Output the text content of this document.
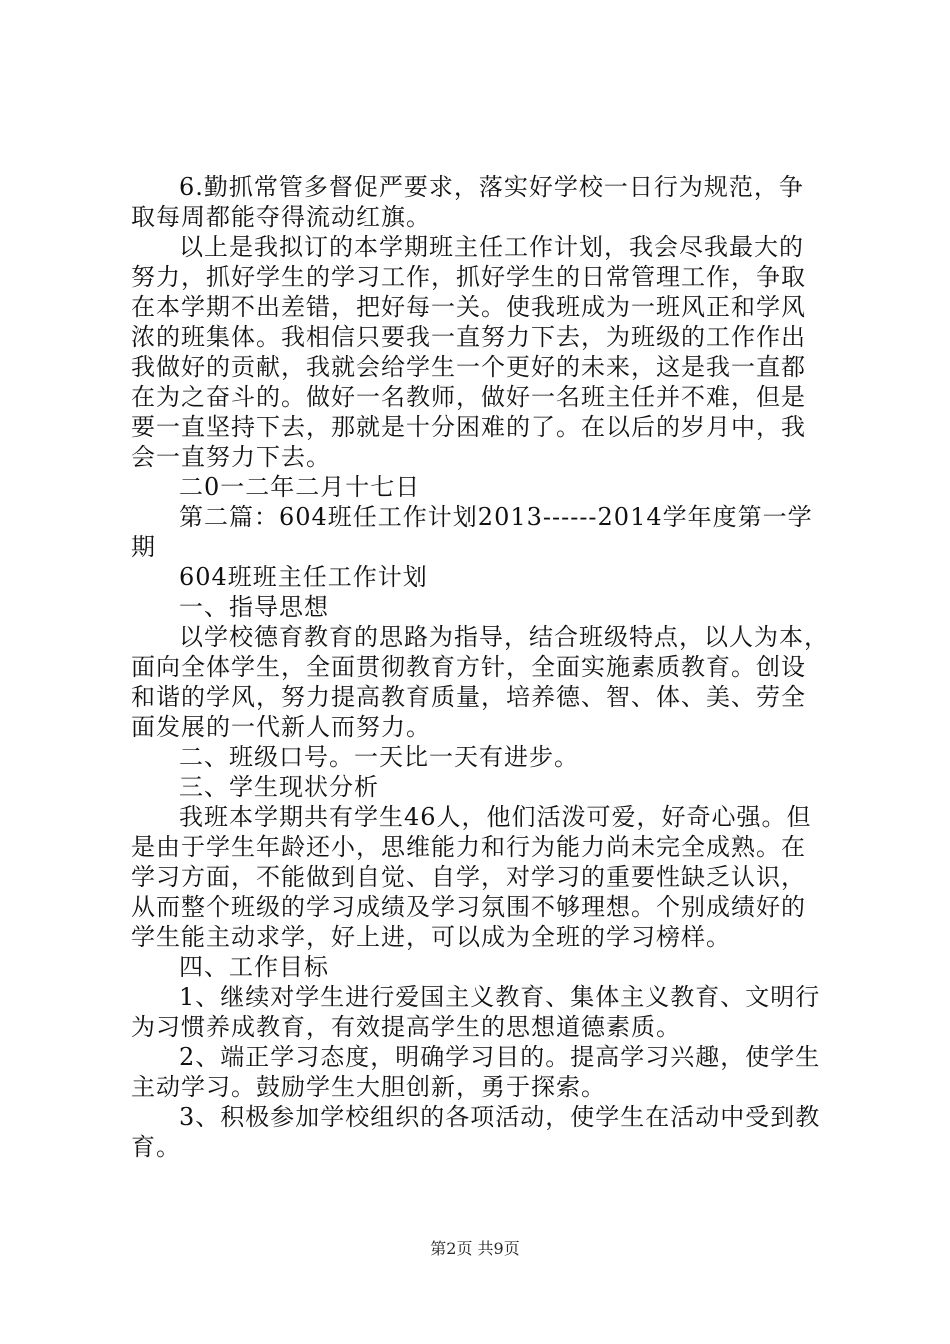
6.勤抓常管多督促严要求，落实好学校一日行为规范，争
取每周都能夺得流动红旗。
以上是我拟订的本学期班主任工作计划，我会尽我最大的
努力，抓好学生的学习工作，抓好学生的日常管理工作，争取
在本学期不出差错，把好每一关。使我班成为一班风正和学风
浓的班集体。我相信只要我一直努力下去，为班级的工作作出
我做好的贡献，我就会给学生一个更好的未来，这是我一直都
在为之奋斗的。做好一名教师，做好一名班主任并不难，但是
要一直坚持下去，那就是十分困难的了。在以后的岁月中，我
会一直努力下去。
二0一二年二月十七日
第二篇：604班任工作计划2013------2014学年度第一学
期
604班班主任工作计划
一、指导思想
以学校德育教育的思路为指导，结合班级特点，以人为本，
面向全体学生，全面贯彻教育方针，全面实施素质教育。创设
和谐的学风，努力提高教育质量，培养德、智、体、美、劳全
面发展的一代新人而努力。
二、班级口号。一天比一天有进步。
三、学生现状分析
我班本学期共有学生46人，他们活泼可爱，好奇心强。但
是由于学生年龄还小，思维能力和行为能力尚未完全成熟。在
学习方面，不能做到自觉、自学，对学习的重要性缺乏认识，
从而整个班级的学习成绩及学习氛围不够理想。个别成绩好的
学生能主动求学，好上进，可以成为全班的学习榜样。
四、工作目标
1、继续对学生进行爱国主义教育、集体主义教育、文明行
为习惯养成教育，有效提高学生的思想道德素质。
2、端正学习态度，明确学习目的。提高学习兴趣，使学生
主动学习。鼓励学生大胆创新，勇于探索。
3、积极参加学校组织的各项活动，使学生在活动中受到教
育。
第2页 共9页
